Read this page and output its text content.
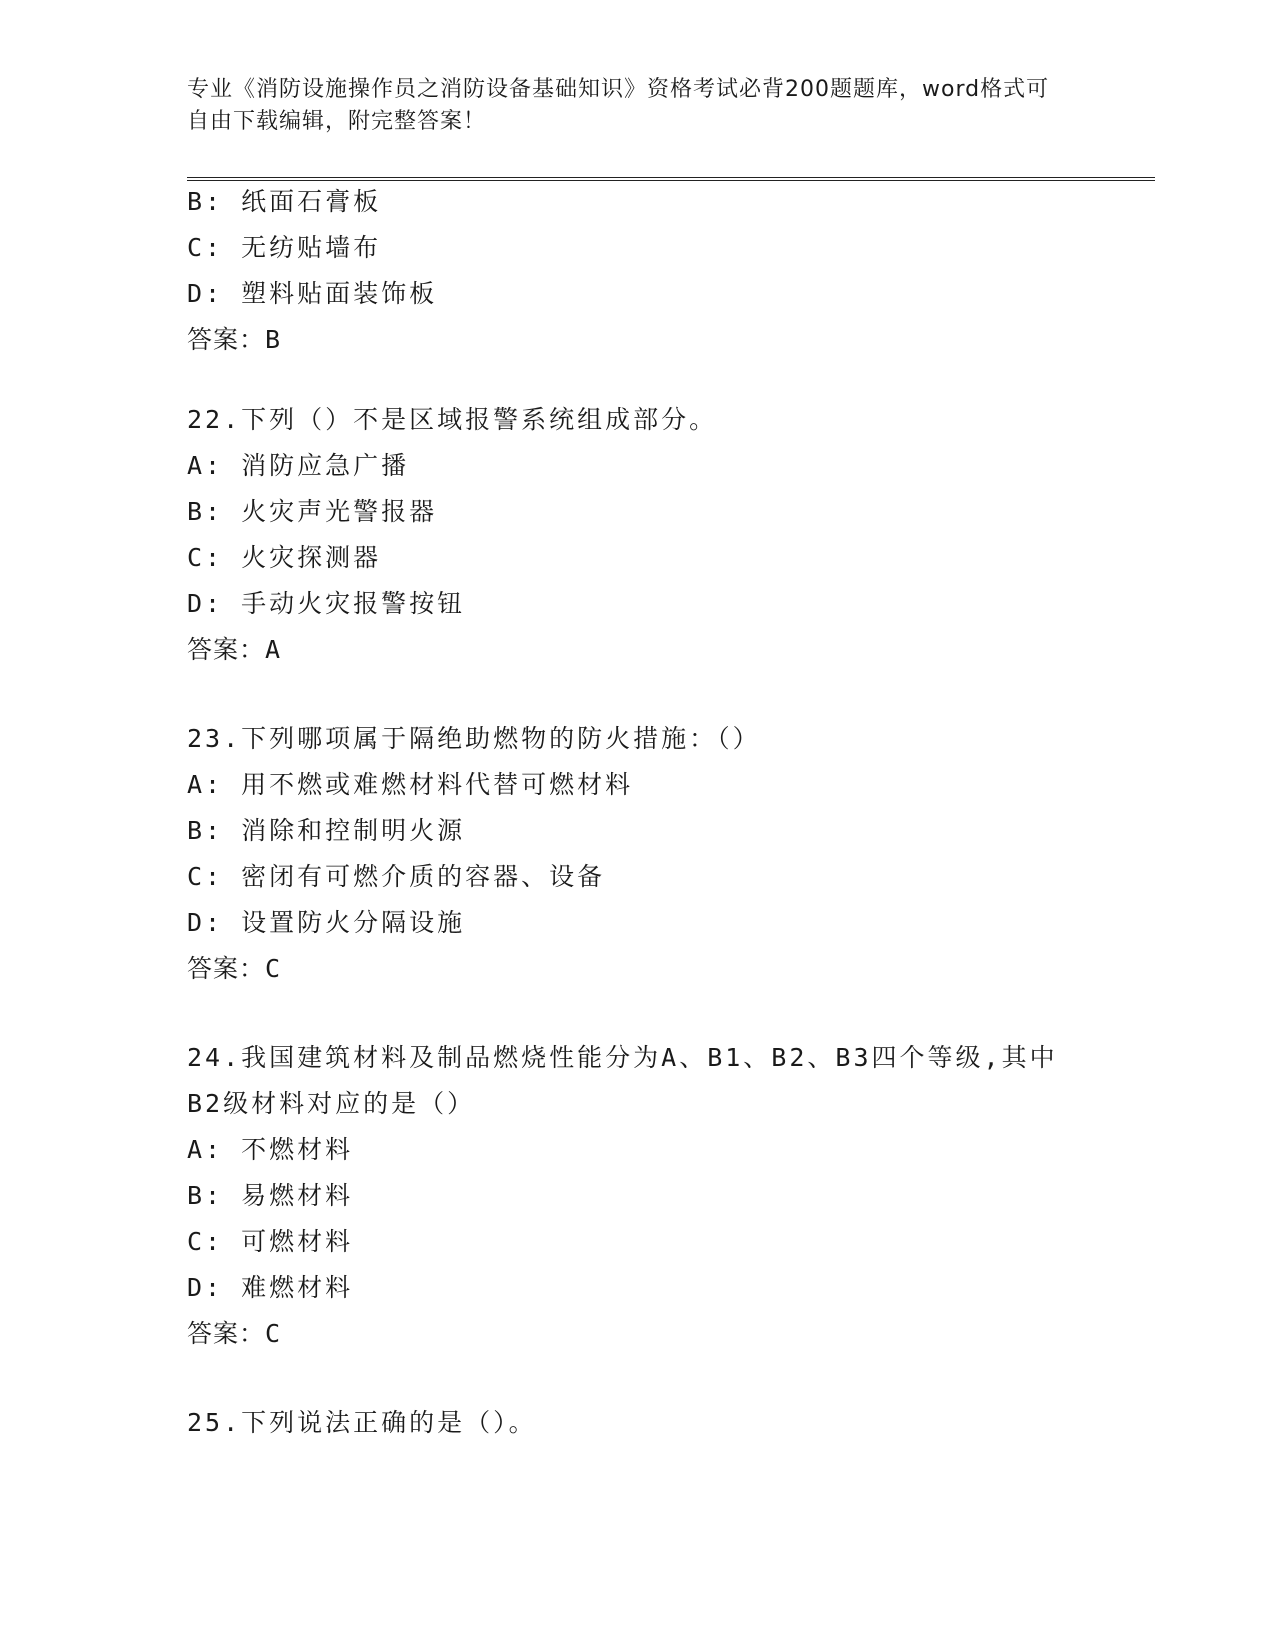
专业《消防设施操作员之消防设备基础知识》资格考试必背200题题库，word格式可自由下载编辑，附完整答案！
B: 纸面石膏板
C: 无纺贴墙布
D: 塑料贴面装饰板
答案：B
22.下列（）不是区域报警系统组成部分。
A: 消防应急广播
B: 火灾声光警报器
C: 火灾探测器
D: 手动火灾报警按钮
答案：A
23.下列哪项属于隔绝助燃物的防火措施：（）
A: 用不燃或难燃材料代替可燃材料
B: 消除和控制明火源
C: 密闭有可燃介质的容器、设备
D: 设置防火分隔设施
答案：C
24.我国建筑材料及制品燃烧性能分为A、B1、B2、B3四个等级,其中
B2级材料对应的是（）
A: 不燃材料
B: 易燃材料
C: 可燃材料
D: 难燃材料
答案：C
25.下列说法正确的是（）。
